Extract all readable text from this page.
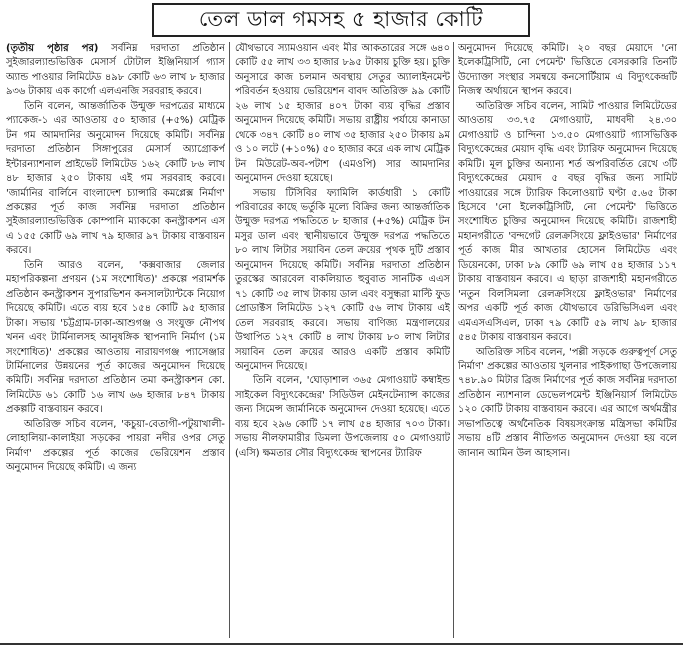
তেল ডাল গমসহ ৫ হাজার কোটি

(তৃতীয় পৃষ্ঠার পর) সর্বনিম্ন দরদাতা প্রতিষ্ঠান সুইজারল্যান্ডভিত্তিক মেসার্স টোটাল ইঞ্জিনিয়ার্স গ্যাস অ্যান্ড পাওয়ার লিমিটেড ৪৯৮ কোটি ৬৩ লাখ ৮ হাজার ৯৩৬ টাকায় এক কার্গো এলএনজি সরবরাহ করবে।

তিনি বলেন, আন্তর্জাতিক উন্মুক্ত দরপত্রের মাধ্যমে প্যাকেজ-১ এর আওতায় ৫০ হাজার (+৫%) মেট্রিক টন গম আমদানির অনুমোদন দিয়েছে কমিটি। সর্বনিম্ন দরদাতা প্রতিষ্ঠান সিঙ্গাপুরের মেসার্স অ্যাগ্রোকর্প ইন্টারন্যাশনাল প্রাইভেট লিমিটেড ১৬২ কোটি ৮৬ লাখ ৪৮ হাজার ২৫০ টাকায় এই গম সরবরাহ করবে। 'জার্মানির বার্লিনে বাংলাদেশ চ্যান্সারি কমপ্লেক্স নির্মাণ' প্রকল্পের পূর্ত কাজ সর্বনিম্ন দরদাতা প্রতিষ্ঠান সুইজারল্যান্ডভিত্তিক কোম্পানি ম্যাককো কনস্ট্রাকশন এস এ ১৫৫ কোটি ৬৯ লাখ ৭৯ হাজার ৯৭ টাকায় বাস্তবায়ন করবে।

তিনি আরও বলেন, 'কক্সবাজার জেলার মহাপরিকল্পনা প্রণয়ন (১ম সংশোধিত)' প্রকল্পে পরামর্শক প্রতিষ্ঠান কনস্ট্রাকশন সুপারভিশন কনসালট্যান্টকে নিয়োগ দিয়েছে কমিটি। এতে ব্যয় হবে ১৫৪ কোটি ৯৫ হাজার টাকা। সভায় 'চট্টগ্রাম-ঢাকা-আশুগঞ্জ ও সংযুক্ত নৌপথ খনন এবং টার্মিনালসহ আনুষঙ্গিক স্থাপনাদি নির্মাণ (১ম সংশোধিত)' প্রকল্পের আওতায় নারায়ণগঞ্জ প্যাসেঞ্জার টার্মিনালের উন্নয়নের পূর্ত কাজের অনুমোদন দিয়েছে কমিটি। সর্বনিম্ন দরদাতা প্রতিষ্ঠান তমা কনস্ট্রাকশন কো. লিমিটেড ৬১ কোটি ১৬ লাখ ৬৬ হাজার ৮৪৭ টাকায় প্রকল্পটি বাস্তবায়ন করবে।

অতিরিক্ত সচিব বলেন, 'কচুয়া-বেতাগী-পটুয়াখালী-লোহালিয়া-কালাইয়া সড়কের পায়রা নদীর ওপর সেতু নির্মাণ' প্রকল্পের পূর্ত কাজের ভেরিয়েশন প্রস্তাব অনুমোদন দিয়েছে কমিটি। এ জন্য

যৌথভাবে স্যামওয়ান এবং মীর আকতারের সঙ্গে ৬৪০ কোটি ৫৫ লাখ ৩৩ হাজার ৮৯৫ টাকায় চুক্তি হয়। চুক্তি অনুসারে কাজ চলমান অবস্থায় সেতুর অ্যালাইনমেন্ট পরিবর্তন হওয়ায় ভেরিয়েশন বাবদ অতিরিক্ত ৯৯ কোটি ২৬ লাখ ১৫ হাজার ৪০৭ টাকা ব্যয় বৃদ্ধির প্রস্তাব অনুমোদন দিয়েছে কমিটি। সভায় রাষ্ট্রীয় পর্যায়ে কানাডা থেকে ৩৪৭ কোটি ৪০ লাখ ৩৫ হাজার ২৫০ টাকায় ৯ম ও ১০ লটে (+১০%) ৫০ হাজার করে এক লাখ মেট্রিক টন মিউরেট-অব-পটাশ (এমওপি) সার আমদানির অনুমোদন দেওয়া হয়েছে।

সভায় টিসিবির ফ্যামিলি কার্ডধারী ১ কোটি পরিবারের কাছে ভর্তুকি মূল্যে বিক্রির জন্য আন্তর্জাতিক উন্মুক্ত দরপত্র পদ্ধতিতে ৮ হাজার (+৫%) মেট্রিক টন মসুর ডাল এবং স্থানীয়ভাবে উন্মুক্ত দরপত্র পদ্ধতিতে ৮০ লাখ লিটার সয়াবিন তেল ক্রয়ের পৃথক দুটি প্রস্তাব অনুমোদন দিয়েছে কমিটি। সর্বনিম্ন দরদাতা প্রতিষ্ঠান তুরস্কের আরবেল বাকলিয়াত হুবুবাত সানটিক এএস ৭১ কোটি ৩৫ লাখ টাকায় ডাল এবং বসুন্ধরা মাল্টি ফুড প্রোডাক্টস লিমিটেড ১২৭ কোটি ৫৬ লাখ টাকায় এই তেল সরবরাহ করবে। সভায় বাণিজ্য মন্ত্রণালয়ের উত্থাপিত ১২৭ কোটি ৪ লাখ টাকায় ৮০ লাখ লিটার সয়াবিন তেল ক্রয়ের আরও একটি প্রস্তাব কমিটি অনুমোদন দিয়েছে।

তিনি বলেন, 'ঘোড়াশাল ৩৬৫ মেগাওয়াট কম্বাইন্ড সাইকেল বিদ্যুৎকেন্দ্রের' সিডিউল মেইনটেন্যান্স কাজের জন্য সিমেন্স জার্মানিকে অনুমোদন দেওয়া হয়েছে। এতে ব্যয় হবে ২৯৬ কোটি ১৭ লাখ ৫৪ হাজার ৭০৩ টাকা। সভায় নীলফামারীর ডিমলা উপজেলায় ৫০ মেগাওয়াট (এসি) ক্ষমতার সৌর বিদ্যুৎকেন্দ্র স্থাপনের ট্যারিফ

অনুমোদন দিয়েছে কমিটি। ২০ বছর মেয়াদে 'নো ইলেকট্রিসিটি, নো পেমেন্ট' ভিত্তিতে বেসরকারি তিনটি উদ্যোক্তা সংস্থার সমন্বয়ে কনসোর্টিয়াম এ বিদ্যুৎকেন্দ্রটি নিজস্ব অর্থায়নে স্থাপন করবে।

অতিরিক্ত সচিব বলেন, সামিট পাওয়ার লিমিটেডের আওতায় ৩৩.৭৫ মেগাওয়াট, মাধবদী ২৪.৩০ মেগাওয়াট ও চান্দিনা ১৩.৫০ মেগাওয়াট গ্যাসভিত্তিক বিদ্যুৎকেন্দ্রের মেয়াদ বৃদ্ধি এবং ট্যারিফ অনুমোদন দিয়েছে কমিটি। মূল চুক্তির অন্যান্য শর্ত অপরিবর্তিত রেখে ৩টি বিদ্যুৎকেন্দ্রের মেয়াদ ৫ বছর বৃদ্ধির জন্য সামিট পাওয়ারের সঙ্গে ট্যারিফ কিলোওয়াট ঘণ্টা ৫.৬৫ টাকা হিসেবে 'নো ইলেকট্রিসিটি, নো পেমেন্ট' ভিত্তিতে সংশোধিত চুক্তির অনুমোদন দিয়েছে কমিটি। রাজশাহী মহানগরীতে 'বন্দগেট রেলক্রসিংয়ে ফ্লাইওভার' নির্মাণের পূর্ত কাজ মীর আখতার হোসেন লিমিটেড এবং ডিয়েনকো, ঢাকা ৮৯ কোটি ৬৯ লাখ ৫৪ হাজার ১১৭ টাকায় বাস্তবায়ন করবে। এ ছাড়া রাজশাহী মহানগরীতে 'নতুন বিলসিমলা রেলক্রসিংয়ে ফ্লাইওভার' নির্মাণের অপর একটি পূর্ত কাজ যৌথভাবে ডরিভিসিএল এবং এমএসএসিএল, ঢাকা ৭৯ কোটি ৫৯ লাখ ৯৮ হাজার ৫৪৫ টাকায় বাস্তবায়ন করবে।

অতিরিক্ত সচিব বলেন, 'পল্লী সড়কে গুরুত্বপূর্ণ সেতু নির্মাণ' প্রকল্পের আওতায় খুলনার পাইকগাছা উপজেলায় ৭৪৮.৯০ মিটার ব্রিজ নির্মাণের পূর্ত কাজ সর্বনিম্ন দরদাতা প্রতিষ্ঠান ন্যাশনাল ডেভেলপমেন্ট ইঞ্জিনিয়ার্স লিমিটেড ১২০ কোটি টাকায় বাস্তবায়ন করবে। এর আগে অর্থমন্ত্রীর সভাপতিত্বে অর্থনৈতিক বিষয়সংক্রান্ত মন্ত্রিসভা কমিটির সভায় ৪টি প্রস্তাব নীতিগত অনুমোদন দেওয়া হয় বলে জানান আমিন উল আহসান।
